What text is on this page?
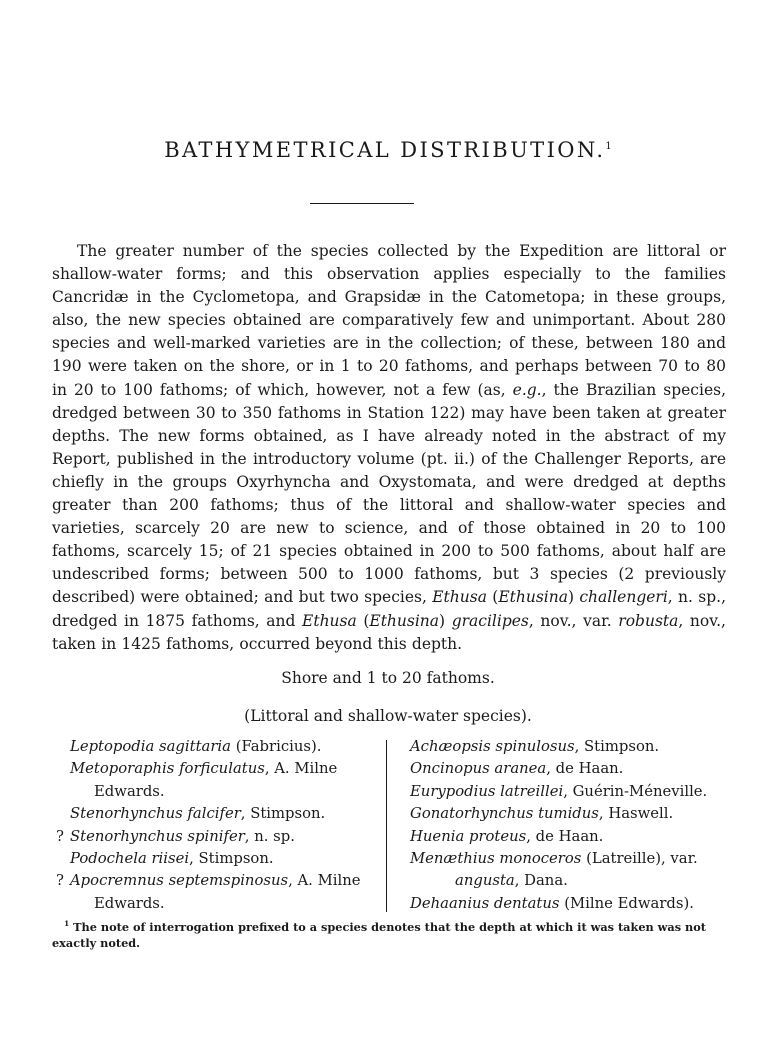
BATHYMETRICAL DISTRIBUTION.$^1$
The greater number of the species collected by the Expedition are littoral or shallow-water forms; and this observation applies especially to the families Cancridæ in the Cyclometopa, and Grapsidæ in the Catometopa; in these groups, also, the new species obtained are comparatively few and unimportant. About 280 species and well-marked varieties are in the collection; of these, between 180 and 190 were taken on the shore, or in 1 to 20 fathoms, and perhaps between 70 to 80 in 20 to 100 fathoms; of which, however, not a few (as, e.g., the Brazilian species, dredged between 30 to 350 fathoms in Station 122) may have been taken at greater depths. The new forms obtained, as I have already noted in the abstract of my Report, published in the introductory volume (pt. ii.) of the Challenger Reports, are chiefly in the groups Oxyrhyncha and Oxystomata, and were dredged at depths greater than 200 fathoms; thus of the littoral and shallow-water species and varieties, scarcely 20 are new to science, and of those obtained in 20 to 100 fathoms, scarcely 15; of 21 species obtained in 200 to 500 fathoms, about half are undescribed forms; between 500 to 1000 fathoms, but 3 species (2 previously described) were obtained; and but two species, Ethusa (Ethusina) challengeri, n. sp., dredged in 1875 fathoms, and Ethusa (Ethusina) gracilipes, nov., var. robusta, nov., taken in 1425 fathoms, occurred beyond this depth.
Shore and 1 to 20 fathoms.
(Littoral and shallow-water species).
Leptopodia sagittaria (Fabricius).
Metoporaphis forficulatus, A. Milne
Edwards.
Stenorhynchus falcifer, Stimpson.
? Stenorhynchus spinifer, n. sp.
Podochela riisei, Stimpson.
? Apocremnus septemspinosus, A. Milne
Edwards.
Achæopsis spinulosus, Stimpson.
Oncinopus aranea, de Haan.
Eurypodius latreillei, Guérin-Méneville.
Gonatorhynchus tumidus, Haswell.
Huenia proteus, de Haan.
Menæthius monoceros (Latreille), var.
angusta, Dana.
Dehaanius dentatus (Milne Edwards).
$^1$ The note of interrogation prefixed to a species denotes that the depth at which it was taken was not exactly noted.
